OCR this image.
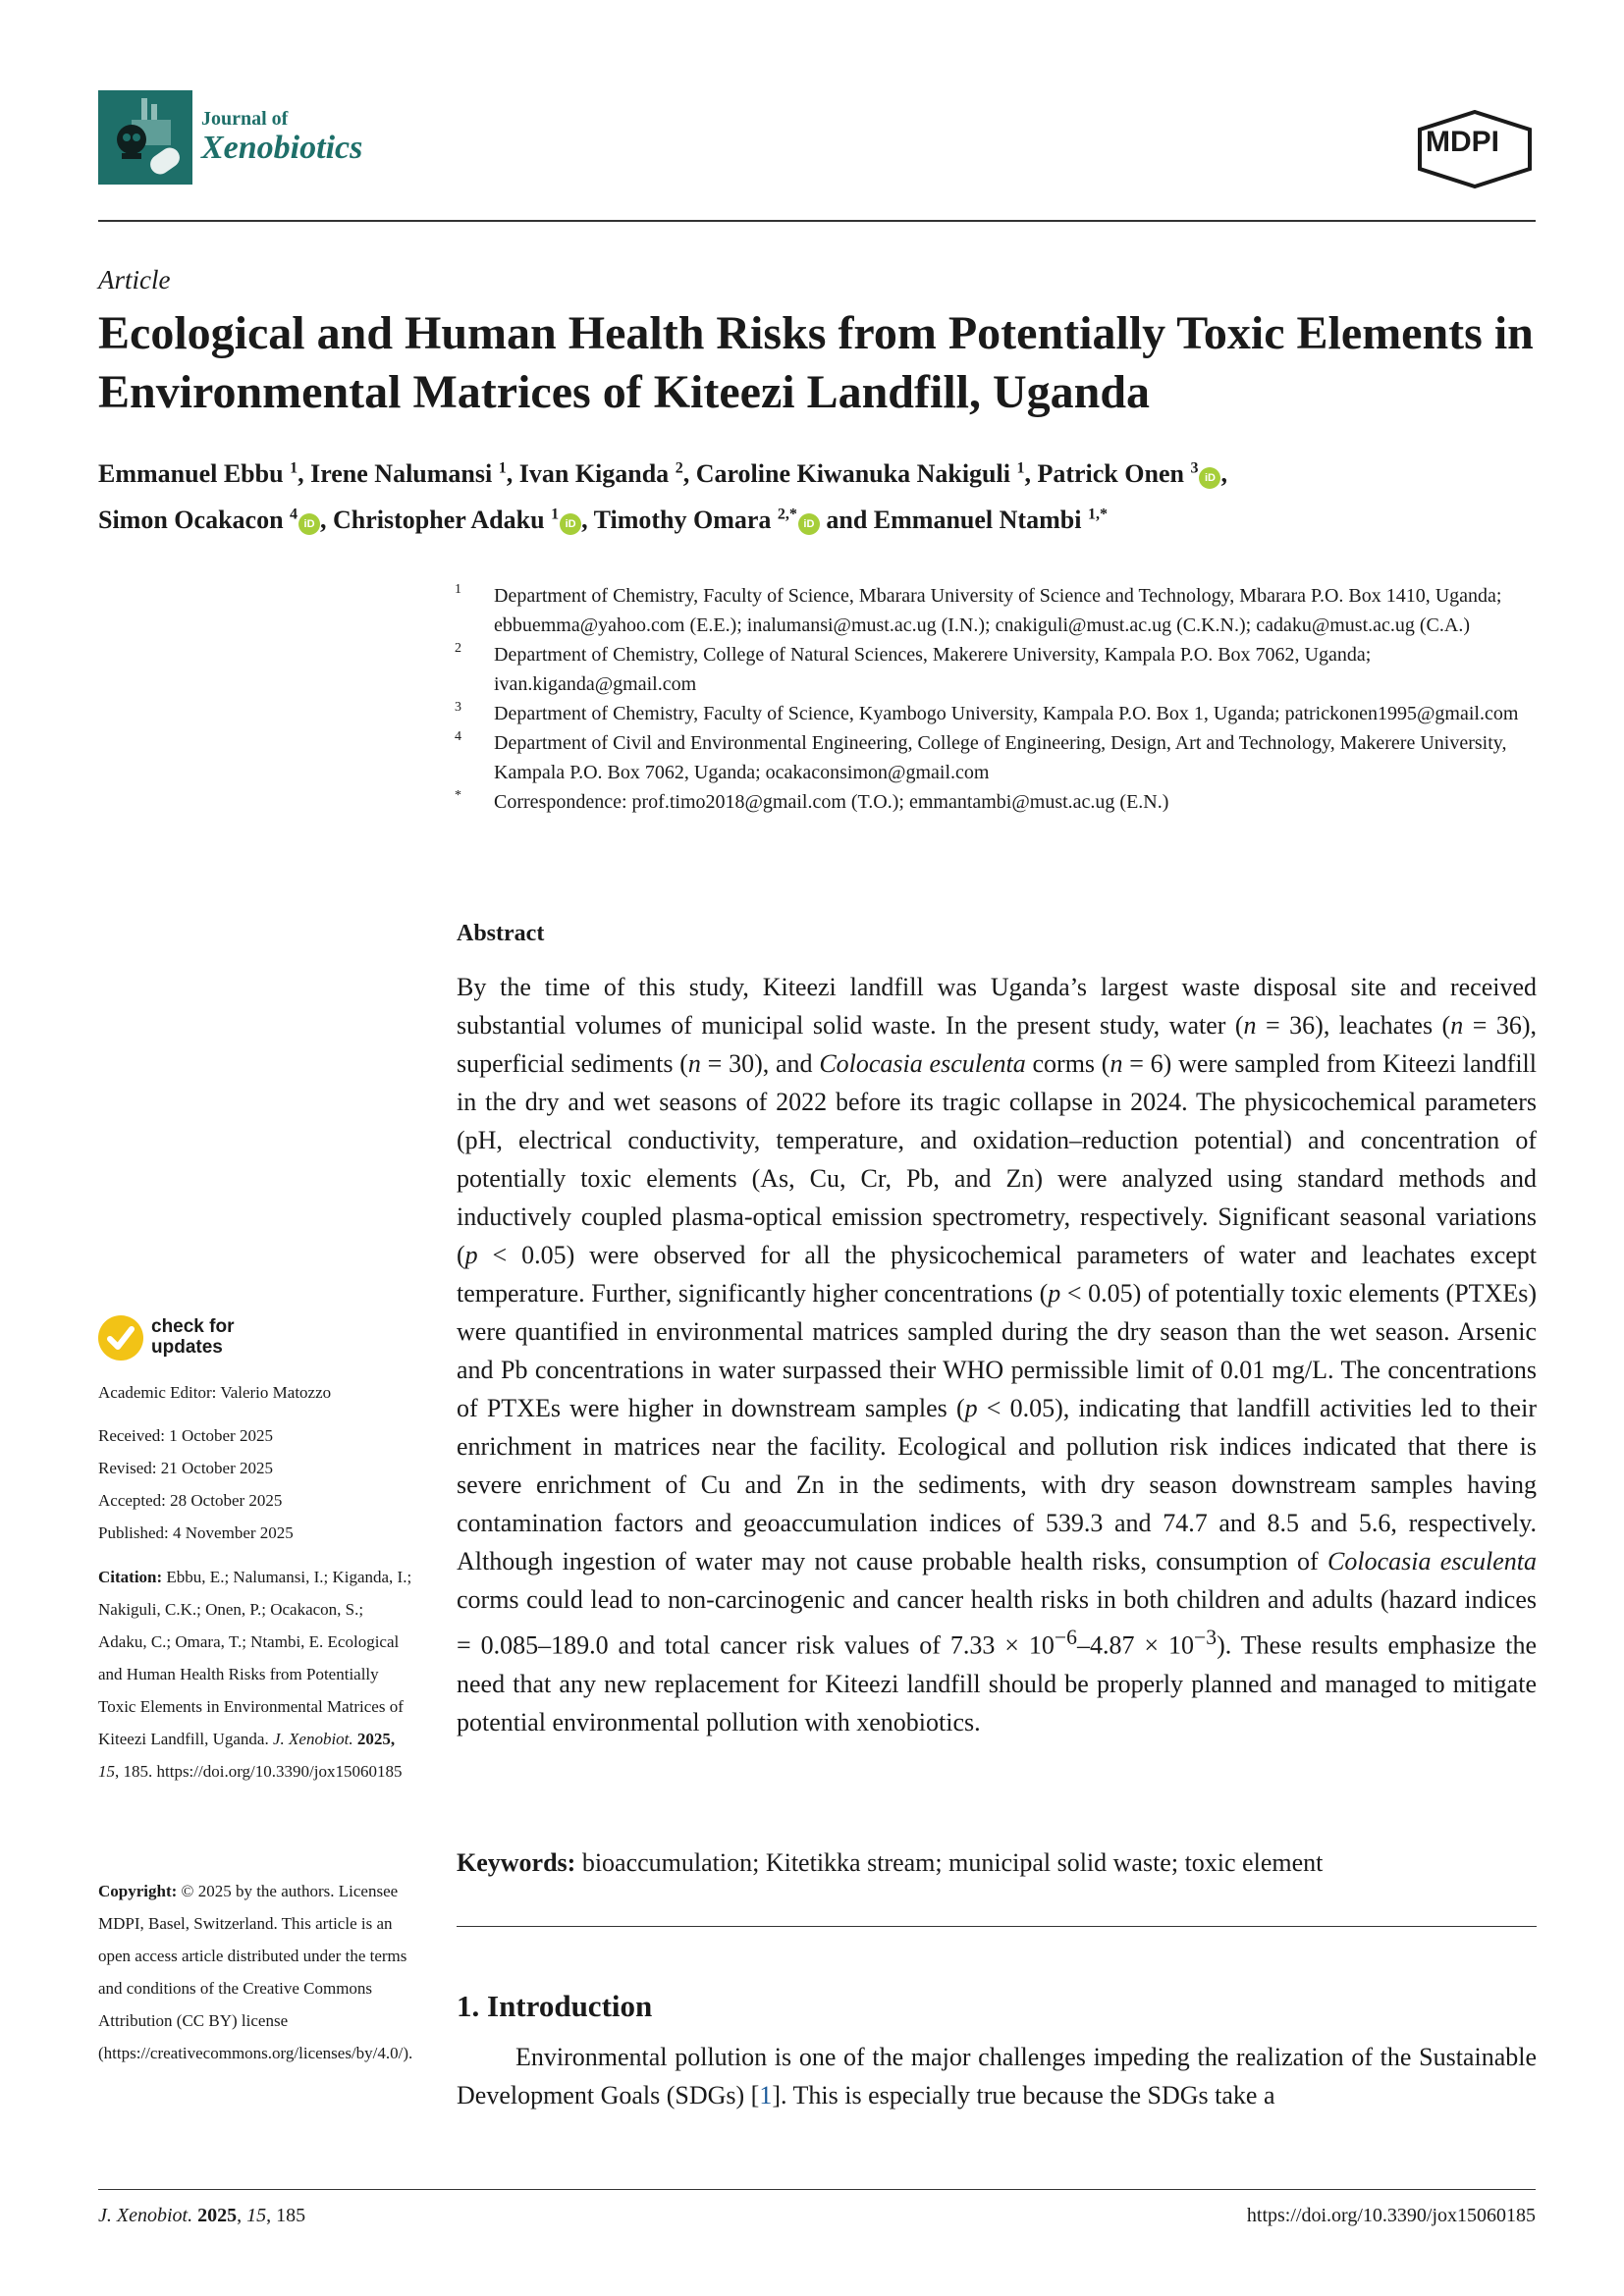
Journal of
Xenobiotics	MDPI
Article
Ecological and Human Health Risks from Potentially Toxic Elements in Environmental Matrices of Kiteezi Landfill, Uganda
Emmanuel Ebbu $^1$, Irene Nalumansi $^1$, Ivan Kiganda $^2$, Caroline Kiwanuka Nakiguli $^1$, Patrick Onen $^3$iD ,
Simon Ocakacon $^4$iD , Christopher Adaku $^1$iD , Timothy Omara $^{2,*}$iD and Emmanuel Ntambi $^{1,*}$
1 Department of Chemistry, Faculty of Science, Mbarara University of Science and Technology, Mbarara P.O. Box 1410, Uganda; ebbuemma@yahoo.com (E.E.); inalumansi@must.ac.ug (I.N.); cnakiguli@must.ac.ug (C.K.N.); cadaku@must.ac.ug (C.A.)
2 Department of Chemistry, College of Natural Sciences, Makerere University, Kampala P.O. Box 7062, Uganda; ivan.kiganda@gmail.com
3 Department of Chemistry, Faculty of Science, Kyambogo University, Kampala P.O. Box 1, Uganda; patrickonen1995@gmail.com
4 Department of Civil and Environmental Engineering, College of Engineering, Design, Art and Technology, Makerere University, Kampala P.O. Box 7062, Uganda; ocakaconsimon@gmail.com
* Correspondence: prof.timo2018@gmail.com (T.O.); emmantambi@must.ac.ug (E.N.)
check for
updates
Academic Editor: Valerio Matozzo
Received: 1 October 2025
Revised: 21 October 2025
Accepted: 28 October 2025
Published: 4 November 2025
Citation: Ebbu, E.; Nalumansi, I.; Kiganda, I.; Nakiguli, C.K.; Onen, P.; Ocakacon, S.; Adaku, C.; Omara, T.; Ntambi, E. Ecological and Human Health Risks from Potentially Toxic Elements in Environmental Matrices of Kiteezi Landfill, Uganda. J. Xenobiot. 2025, 15, 185. https://doi.org/10.3390/jox15060185
Copyright: © 2025 by the authors. Licensee MDPI, Basel, Switzerland. This article is an open access article distributed under the terms and conditions of the Creative Commons Attribution (CC BY) license (https://creativecommons.org/licenses/by/4.0/).
Abstract
By the time of this study, Kiteezi landfill was Uganda’s largest waste disposal site and received substantial volumes of municipal solid waste. In the present study, water (n = 36), leachates (n = 36), superficial sediments (n = 30), and Colocasia esculenta corms (n = 6) were sampled from Kiteezi landfill in the dry and wet seasons of 2022 before its tragic collapse in 2024. The physicochemical parameters (pH, electrical conductivity, temperature, and oxidation–reduction potential) and concentration of potentially toxic elements (As, Cu, Cr, Pb, and Zn) were analyzed using standard methods and inductively coupled plasma-optical emission spectrometry, respectively. Significant seasonal variations (p < 0.05) were observed for all the physicochemical parameters of water and leachates except temperature. Further, significantly higher concentrations (p < 0.05) of potentially toxic elements (PTXEs) were quantified in environmental matrices sampled during the dry season than the wet season. Arsenic and Pb concentrations in water surpassed their WHO permissible limit of 0.01 mg/L. The concentrations of PTXEs were higher in downstream samples (p < 0.05), indicating that landfill activities led to their enrichment in matrices near the facility. Ecological and pollution risk indices indicated that there is severe enrichment of Cu and Zn in the sediments, with dry season downstream samples having contamination factors and geoaccumulation indices of 539.3 and 74.7 and 8.5 and 5.6, respectively. Although ingestion of water may not cause probable health risks, consumption of Colocasia esculenta corms could lead to non-carcinogenic and cancer health risks in both children and adults (hazard indices = 0.085–189.0 and total cancer risk values of $7.33 \times 10^{-6}-4.87 \times 10^{-3}$). These results emphasize the need that any new replacement for Kiteezi landfill should be properly planned and managed to mitigate potential environmental pollution with xenobiotics.
Keywords: bioaccumulation; Kitetikka stream; municipal solid waste; toxic element
1. Introduction
Environmental pollution is one of the major challenges impeding the realization of the Sustainable Development Goals (SDGs) [1]. This is especially true because the SDGs take a
J. Xenobiot. 2025, 15, 185	https://doi.org/10.3390/jox15060185
